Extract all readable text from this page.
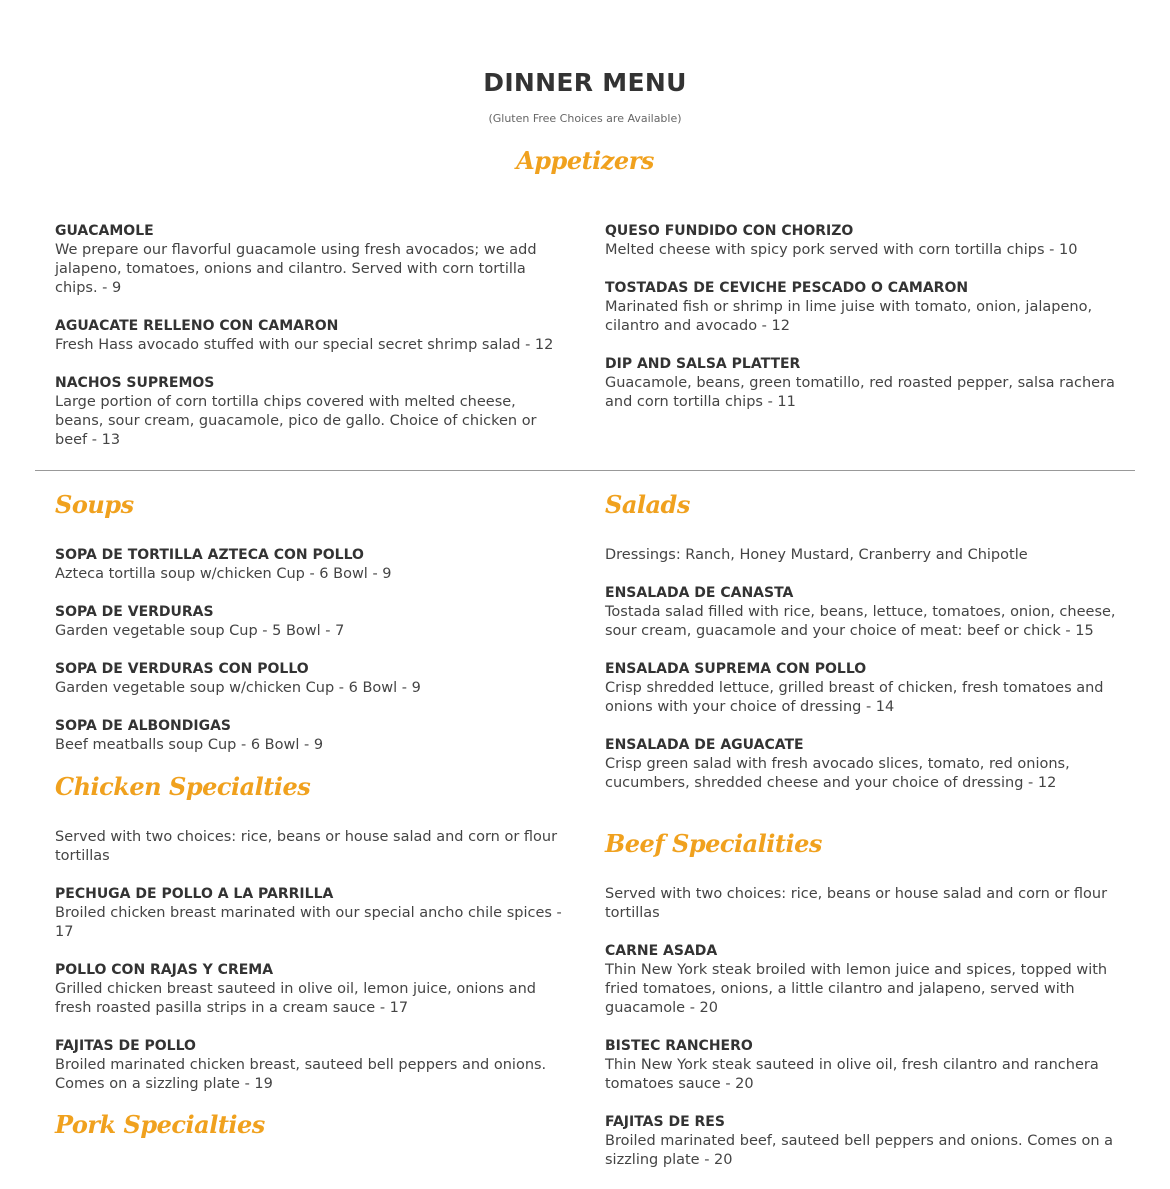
DINNER MENU
(Gluten Free Choices are Available)
Appetizers
GUACAMOLE
We prepare our flavorful guacamole using fresh avocados; we add jalapeno, tomatoes, onions and cilantro. Served with corn tortilla chips. - 9
AGUACATE RELLENO CON CAMARON
Fresh Hass avocado stuffed with our special secret shrimp salad - 12
NACHOS SUPREMOS
Large portion of corn tortilla chips covered with melted cheese, beans, sour cream, guacamole, pico de gallo. Choice of chicken or beef - 13
QUESO FUNDIDO CON CHORIZO
Melted cheese with spicy pork served with corn tortilla chips - 10
TOSTADAS DE CEVICHE PESCADO O CAMARON
Marinated fish or shrimp in lime juise with tomato, onion, jalapeno, cilantro and avocado - 12
DIP AND SALSA PLATTER
Guacamole, beans, green tomatillo, red roasted pepper, salsa rachera and corn tortilla chips - 11
Soups
SOPA DE TORTILLA AZTECA CON POLLO
Azteca tortilla soup w/chicken Cup - 6 Bowl - 9
SOPA DE VERDURAS
Garden vegetable soup Cup - 5 Bowl - 7
SOPA DE VERDURAS CON POLLO
Garden vegetable soup w/chicken Cup - 6 Bowl - 9
SOPA DE ALBONDIGAS
Beef meatballs soup Cup - 6 Bowl - 9
Chicken Specialties
Served with two choices: rice, beans or house salad and corn or flour tortillas
PECHUGA DE POLLO A LA PARRILLA
Broiled chicken breast marinated with our special ancho chile spices - 17
POLLO CON RAJAS Y CREMA
Grilled chicken breast sauteed in olive oil, lemon juice, onions and fresh roasted pasilla strips in a cream sauce - 17
FAJITAS DE POLLO
Broiled marinated chicken breast, sauteed bell peppers and onions. Comes on a sizzling plate - 19
Pork Specialties
Salads
Dressings: Ranch, Honey Mustard, Cranberry and Chipotle
ENSALADA DE CANASTA
Tostada salad filled with rice, beans, lettuce, tomatoes, onion, cheese, sour cream, guacamole and your choice of meat: beef or chick - 15
ENSALADA SUPREMA CON POLLO
Crisp shredded lettuce, grilled breast of chicken, fresh tomatoes and onions with your choice of dressing - 14
ENSALADA DE AGUACATE
Crisp green salad with fresh avocado slices, tomato, red onions, cucumbers, shredded cheese and your choice of dressing - 12
Beef Specialities
Served with two choices: rice, beans or house salad and corn or flour tortillas
CARNE ASADA
Thin New York steak broiled with lemon juice and spices, topped with fried tomatoes, onions, a little cilantro and jalapeno, served with guacamole - 20
BISTEC RANCHERO
Thin New York steak sauteed in olive oil, fresh cilantro and ranchera tomatoes sauce - 20
FAJITAS DE RES
Broiled marinated beef, sauteed bell peppers and onions. Comes on a sizzling plate - 20
